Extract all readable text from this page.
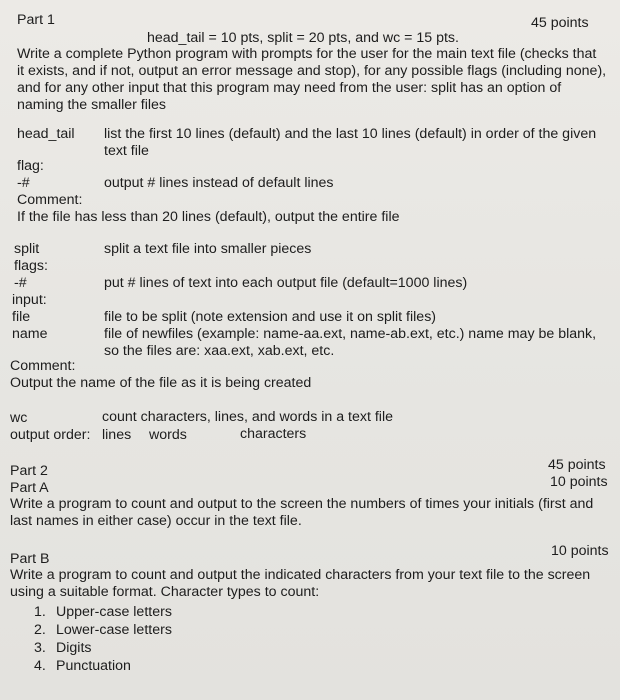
Part 1	45 points
head_tail = 10 pts, split = 20 pts, and wc = 15 pts.
Write a complete Python program with prompts for the user for the main text file (checks that it exists, and if not, output an error message and stop), for any possible flags (including none), and for any other input that this program may need from the user: split has an option of naming the smaller files
head_tail list the first 10 lines (default) and the last 10 lines (default) in order of the given text file
flag:
-#	output # lines instead of default lines
Comment:
If the file has less than 20 lines (default), output the entire file
split	split a text file into smaller pieces
flags:
-#	put # lines of text into each output file (default=1000 lines)
input:
file	file to be split (note extension and use it on split files)
name	file of newfiles (example: name-aa.ext, name-ab.ext, etc.) name may be blank, so the files are: xaa.ext, xab.ext, etc.
Comment:
Output the name of the file as it is being created
wc	count characters, lines, and words in a text file
output order: lines words	characters
Part 2	45 points
Part A	10 points
Write a program to count and output to the screen the numbers of times your initials (first and last names in either case) occur in the text file.
Part B	10 points
Write a program to count and output the indicated characters from your text file to the screen using a suitable format. Character types to count:
1. Upper-case letters
2. Lower-case letters
3. Digits
4. Punctuation
